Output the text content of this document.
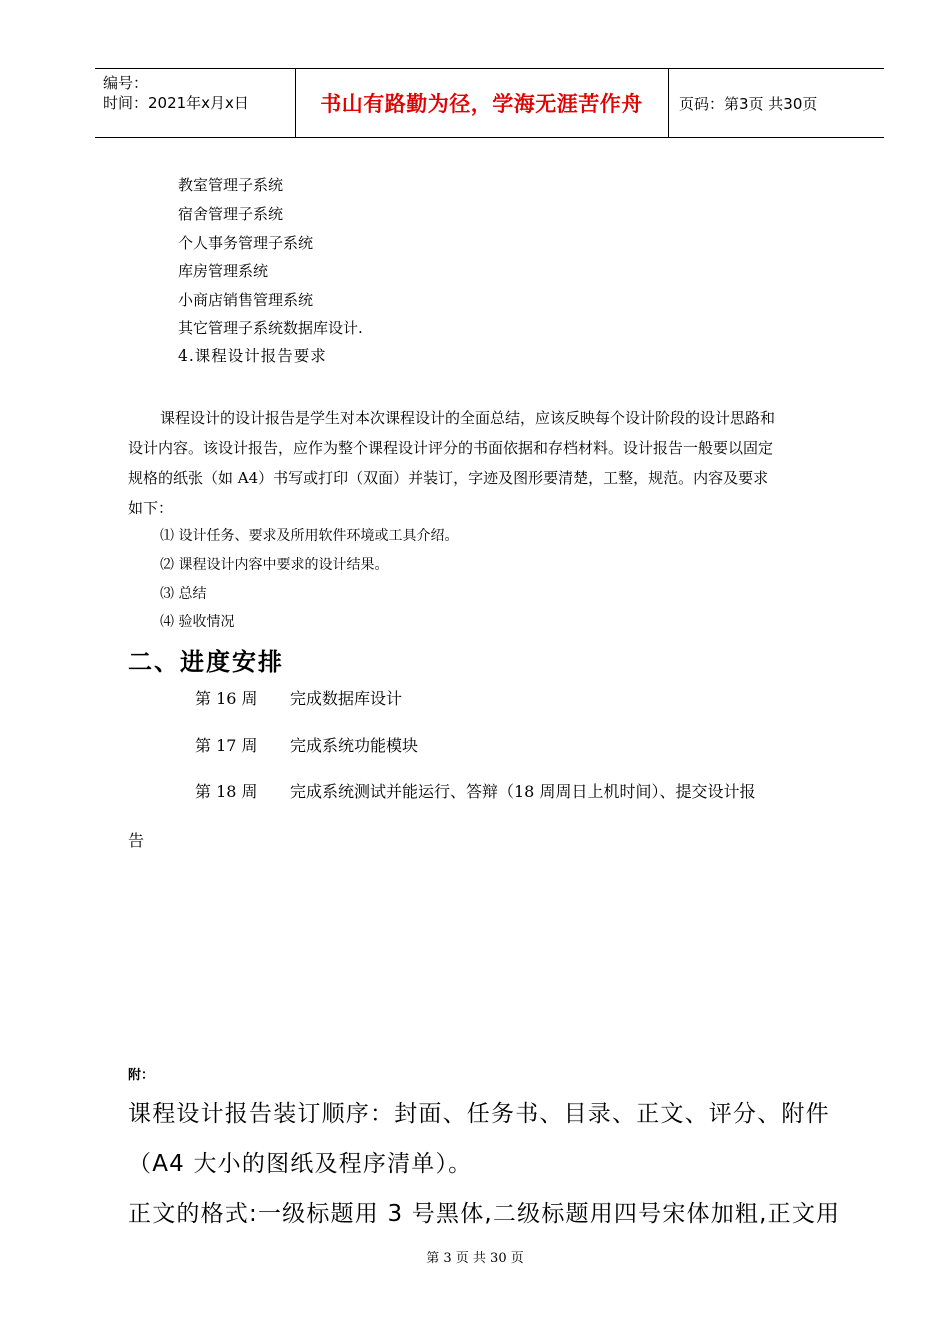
编号：
时间：2021年x月x日	书山有路勤为径，学海无涯苦作舟 页码：第3页 共30页
教室管理子系统
宿舍管理子系统
个人事务管理子系统
库房管理系统
小商店销售管理系统
其它管理子系统数据库设计.
4.课程设计报告要求

课程设计的设计报告是学生对本次课程设计的全面总结，应该反映每个设计阶段的设计思路和

设计内容。该设计报告，应作为整个课程设计评分的书面依据和存档材料。设计报告一般要以固定

规格的纸张（如 A4）书写或打印（双面）并装订，字迹及图形要清楚，工整，规范。内容及要求

如下：

⑴ 设计任务、要求及所用软件环境或工具介绍。
⑵ 课程设计内容中要求的设计结果。
⑶ 总结
⑷ 验收情况
二、进度安排
第 16 周 完成数据库设计
第 17 周 完成系统功能模块
第 18 周 完成系统测试并能运行、答辩（18 周周日上机时间）、提交设计报
告
附：
课程设计报告装订顺序：封面、任务书、目录、正文、评分、附件
（A4 大小的图纸及程序清单）。
正文的格式:一级标题用 3 号黑体,二级标题用四号宋体加粗,正文用
第 3 页 共 30 页
